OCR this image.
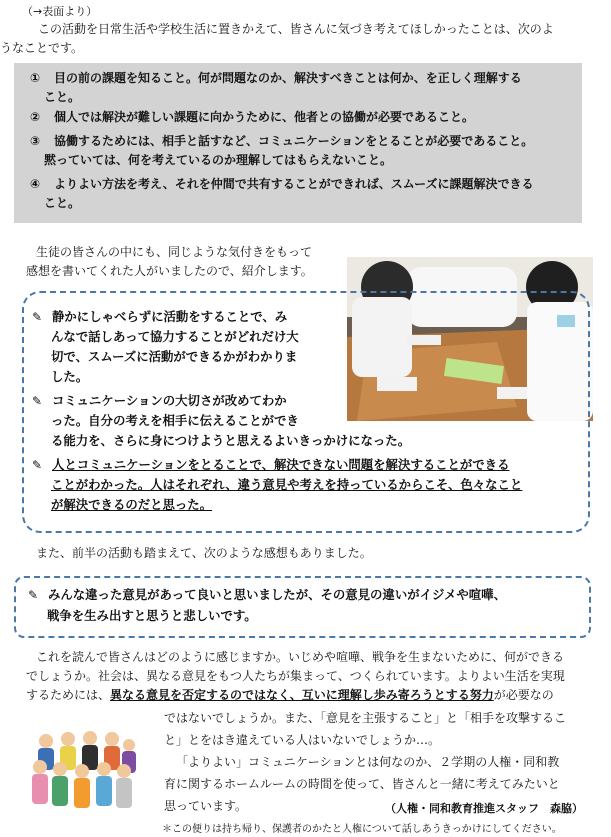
（→表面より）

この活動を日常生活や学校生活に置きかえて、皆さんに気づき考えてほしかったことは、次のよ

うなことです。

① 目の前の課題を知ること。何が問題なのか、解決すべきことは何か、を正しく理解する
こと。
② 個人では解決が難しい課題に向かうために、他者との協働が必要であること。
③ 協働するためには、相手と話すなど、コミュニケーションをとることが必要であること。
黙っていては、何を考えているのか理解してはもらえないこと。
④ よりよい方法を考え、それを仲間で共有することができれば、スムーズに課題解決できる
こと。
生徒の皆さんの中にも、同じような気付きをもって
感想を書いてくれた人がいましたので、紹介します。
✎ 静かにしゃべらずに活動をすることで、み
んなで話しあって協力することがどれだけ大
切で、スムーズに活動ができるかがわかりま
した。
✎ コミュニケーションの大切さが改めてわか
った。自分の考えを相手に伝えることができ
る能力を、さらに身につけようと思えるよいきっかけになった。
✎ 人とコミュニケーションをとることで、解決できない問題を解決することができる
ことがわかった。人はそれぞれ、違う意見や考えを持っているからこそ、色々なこと
が解決できるのだと思った。
また、前半の活動も踏まえて、次のような感想もありました。
✎ みんな違った意見があって良いと思いましたが、その意見の違いがイジメや喧嘩、
戦争を生み出すと思うと悲しいです。
これを読んで皆さんはどのように感じますか。いじめや喧嘩、戦争を生まないために、何ができる
でしょうか。社会は、異なる意見をもつ人たちが集まって、つくられています。よりよい生活を実現
するためには、異なる意見を否定するのではなく、互いに理解し歩み寄ろうとする努力が必要なの
ではないでしょうか。また、「意見を主張すること」と「相手を攻撃するこ
と」とをはき違えている人はいないでしょうか…。
「よりよい」コミュニケーションとは何なのか、２学期の人権・同和教
育に関するホームルームの時間を使って、皆さんと一緒に考えてみたいと
思っています。	（人権・同和教育推進スタッフ　森脇）
＊この便りは持ち帰り、保護者のかたと人権について話しあうきっかけにしてください。
